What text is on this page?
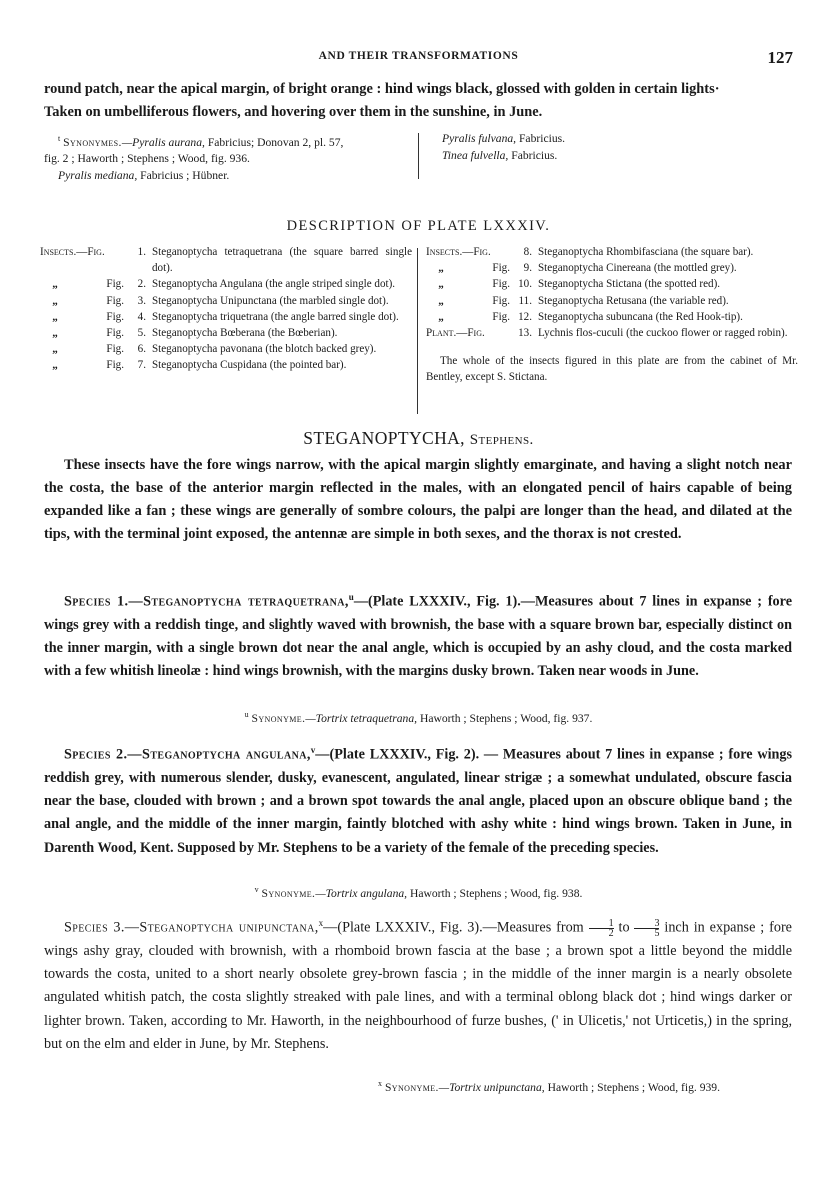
AND THEIR TRANSFORMATIONS	127

round patch, near the apical margin, of bright orange : hind wings black, glossed with golden in certain lights·

Taken on umbelliferous flowers, and hovering over them in the sunshine, in June.

$^t$ Synonymes.—Pyralis aurana, Fabricius; Donovan 2, pl. 57,
fig. 2 ; Haworth ; Stephens ; Wood, fig. 936.
Pyralis mediana, Fabricius ; Hübner.
Pyralis fulvana, Fabricius.
Tinea fulvella, Fabricius.
DESCRIPTION OF PLATE LXXXIV.
Insects.—Fig.	1. Steganoptycha tetraquetrana (the square barred single dot).
„	Fig. 2. Steganoptycha Angulana (the angle striped single dot).
„	Fig. 3. Steganoptycha Unipunctana (the marbled single dot).
„	Fig. 4. Steganoptycha triquetrana (the angle barred single dot).
„	Fig. 5. Steganoptycha Bœberana (the Bœberian).
„	Fig. 6. Steganoptycha pavonana (the blotch backed grey).
„	Fig. 7. Steganoptycha Cuspidana (the pointed bar).
Insects.—Fig.	8. Steganoptycha Rhombifasciana (the square bar).
„	Fig. 9. Steganoptycha Cinereana (the mottled grey).
„	Fig. 10. Steganoptycha Stictana (the spotted red).
„	Fig. 11. Steganoptycha Retusana (the variable red).
„	Fig. 12. Steganoptycha subuncana (the Red Hook-tip).
Plant.—Fig.	13. Lychnis flos-cuculi (the cuckoo flower or ragged robin).
The whole of the insects figured in this plate are from the cabinet of Mr. Bentley, except S. Stictana.
STEGANOPTYCHA, Stephens.

These insects have the fore wings narrow, with the apical margin slightly emarginate, and having a slight notch near the costa, the base of the anterior margin reflected in the males, with an elongated pencil of hairs capable of being expanded like a fan ; these wings are generally of sombre colours, the palpi are longer than the head, and dilated at the tips, with the terminal joint exposed, the antennæ are simple in both sexes, and the thorax is not crested.

Species 1.—Steganoptycha tetraquetrana,$^u$—(Plate LXXXIV., Fig. 1).—Measures about 7 lines in expanse ; fore wings grey with a reddish tinge, and slightly waved with brownish, the base with a square brown bar, especially distinct on the inner margin, with a single brown dot near the anal angle, which is occupied by an ashy cloud, and the costa marked with a few whitish lineolæ : hind wings brownish, with the margins dusky brown. Taken near woods in June.

$^u$ Synonyme.—Tortrix tetraquetrana, Haworth ; Stephens ; Wood, fig. 937.

Species 2.—Steganoptycha angulana,$^v$—(Plate LXXXIV., Fig. 2). — Measures about 7 lines in expanse ; fore wings reddish grey, with numerous slender, dusky, evanescent, angulated, linear strigæ ; a somewhat undulated, obscure fascia near the base, clouded with brown ; and a brown spot towards the anal angle, placed upon an obscure oblique band ; the anal angle, and the middle of the inner margin, faintly blotched with ashy white : hind wings brown. Taken in June, in Darenth Wood, Kent. Supposed by Mr. Stephens to be a variety of the female of the preceding species.

$^v$ Synonyme.—Tortrix angulana, Haworth ; Stephens ; Wood, fig. 938.

Species 3.—Steganoptycha unipunctana,$^x$—(Plate LXXXIV., Fig. 3).—Measures from $\frac{1}{2}$ to $\frac{3}{5}$ inch in expanse ; fore wings ashy gray, clouded with brownish, with a rhomboid brown fascia at the base ; a brown spot a little beyond the middle towards the costa, united to a short nearly obsolete grey-brown fascia ; in the middle of the inner margin is a nearly obsolete angulated whitish patch, the costa slightly streaked with pale lines, and with a terminal oblong black dot ; hind wings darker or lighter brown. Taken, according to Mr. Haworth, in the neighbourhood of furze bushes, (' in Ulicetis,' not Urticetis,) in the spring, but on the elm and elder in June, by Mr. Stephens.

$^x$ Synonyme.—Tortrix unipunctana, Haworth ; Stephens ; Wood, fig. 939.
